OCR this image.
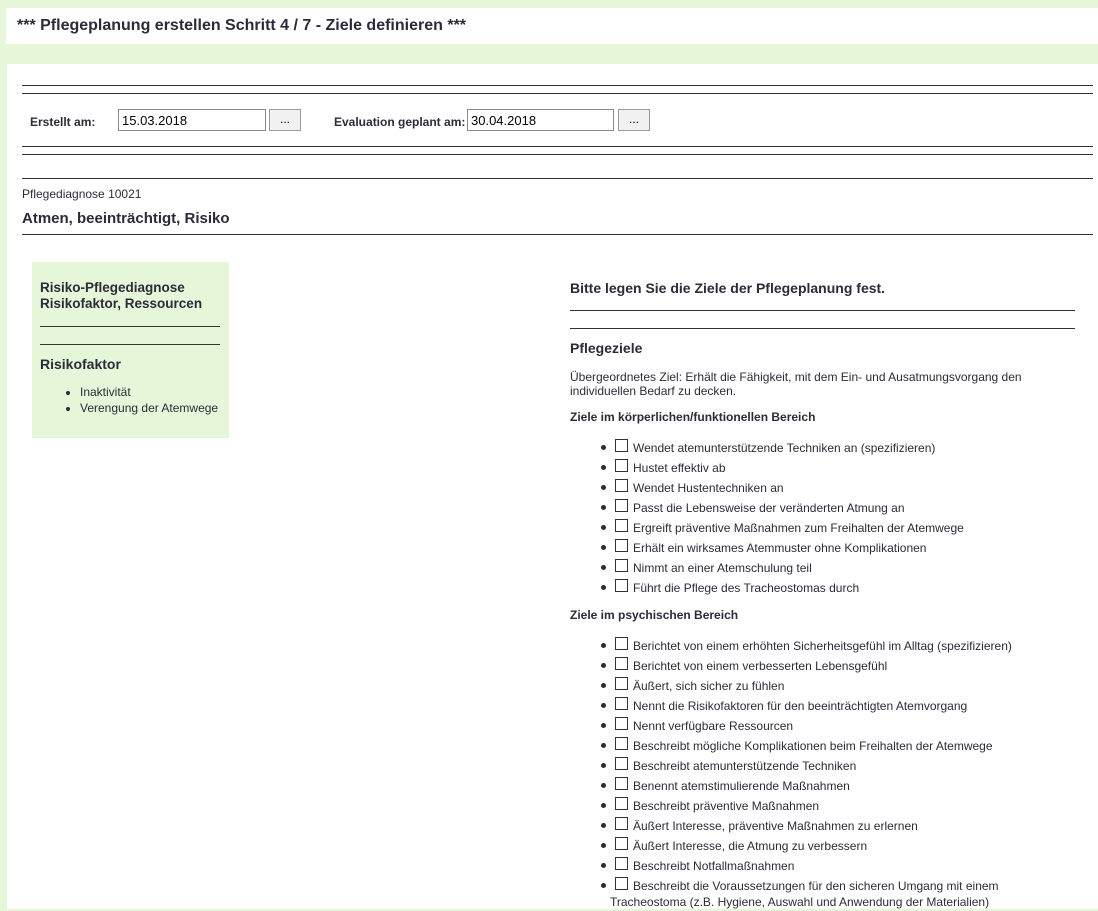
*** Pflegeplanung erstellen Schritt 4 / 7 - Ziele definieren ***
Erstellt am:
15.03.2018	...	Evaluation geplant am:
30.04.2018	...
Pflegediagnose 10021
Atmen, beeinträchtigt, Risiko
Risiko-Pflegediagnose
Risikofaktor, Ressourcen
Risikofaktor
• Inaktivität
• Verengung der Atemwege
Bitte legen Sie die Ziele der Pflegeplanung fest.
Pflegeziele
Übergeordnetes Ziel: Erhält die Fähigkeit, mit dem Ein- und Ausatmungsvorgang den individuellen Bedarf zu decken.
Ziele im körperlichen/funktionellen Bereich
Wendet atemunterstützende Techniken an (spezifizieren)
Hustet effektiv ab
Wendet Hustentechniken an
Passt die Lebensweise der veränderten Atmung an
Ergreift präventive Maßnahmen zum Freihalten der Atemwege
Erhält ein wirksames Atemmuster ohne Komplikationen
Nimmt an einer Atemschulung teil
Führt die Pflege des Tracheostomas durch
Ziele im psychischen Bereich
Berichtet von einem erhöhten Sicherheitsgefühl im Alltag (spezifizieren)
Berichtet von einem verbesserten Lebensgefühl
Äußert, sich sicher zu fühlen
Nennt die Risikofaktoren für den beeinträchtigten Atemvorgang
Nennt verfügbare Ressourcen
Beschreibt mögliche Komplikationen beim Freihalten der Atemwege
Beschreibt atemunterstützende Techniken
Benennt atemstimulierende Maßnahmen
Beschreibt präventive Maßnahmen
Äußert Interesse, präventive Maßnahmen zu erlernen
Äußert Interesse, die Atmung zu verbessern
Beschreibt Notfallmaßnahmen
Beschreibt die Voraussetzungen für den sicheren Umgang mit einem Tracheostoma (z.B. Hygiene, Auswahl und Anwendung der Materialien)
